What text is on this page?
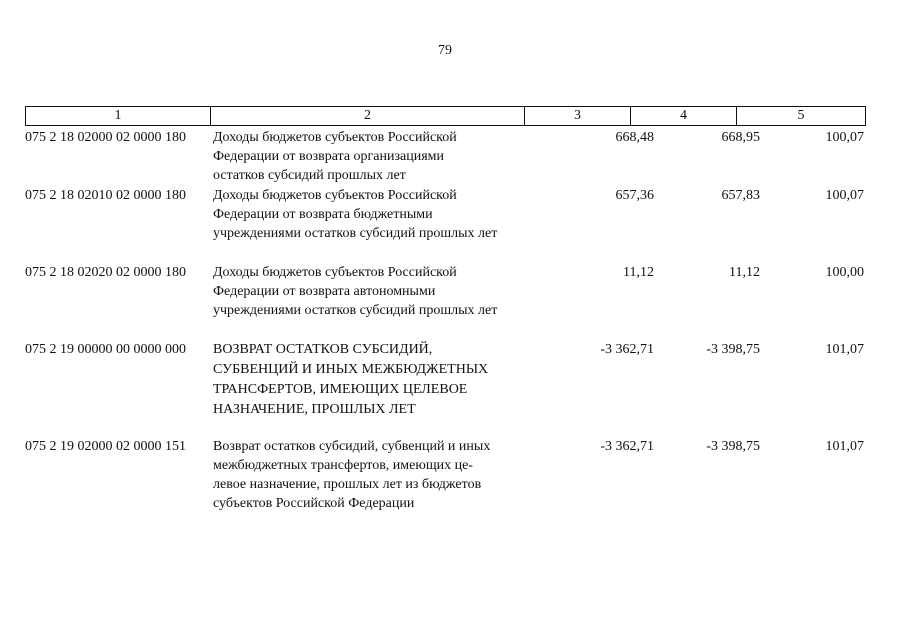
79
1	2	3	4	5
075 2 18 02000 02 0000 180	Доходы бюджетов субъектов Российской
Федерации от возврата организациями
остатков субсидий прошлых лет
668,48	668,95	100,07
075 2 18 02010 02 0000 180	Доходы бюджетов субъектов Российской
Федерации от возврата бюджетными
учреждениями остатков субсидий прошлых лет
657,36	657,83	100,07
075 2 18 02020 02 0000 180	Доходы бюджетов субъектов Российской
Федерации от возврата автономными
учреждениями остатков субсидий прошлых лет
11,12	11,12	100,00
075 2 19 00000 00 0000 000	ВОЗВРАТ ОСТАТКОВ СУБСИДИЙ,
СУБВЕНЦИЙ И ИНЫХ МЕЖБЮДЖЕТНЫХ
ТРАНСФЕРТОВ, ИМЕЮЩИХ ЦЕЛЕВОЕ
НАЗНАЧЕНИЕ, ПРОШЛЫХ ЛЕТ
-3 362,71	-3 398,75	101,07
075 2 19 02000 02 0000 151	Возврат остатков субсидий, субвенций и иных
межбюджетных трансфертов, имеющих це-
левое назначение, прошлых лет из бюджетов
субъектов Российской Федерации
-3 362,71	-3 398,75	101,07
